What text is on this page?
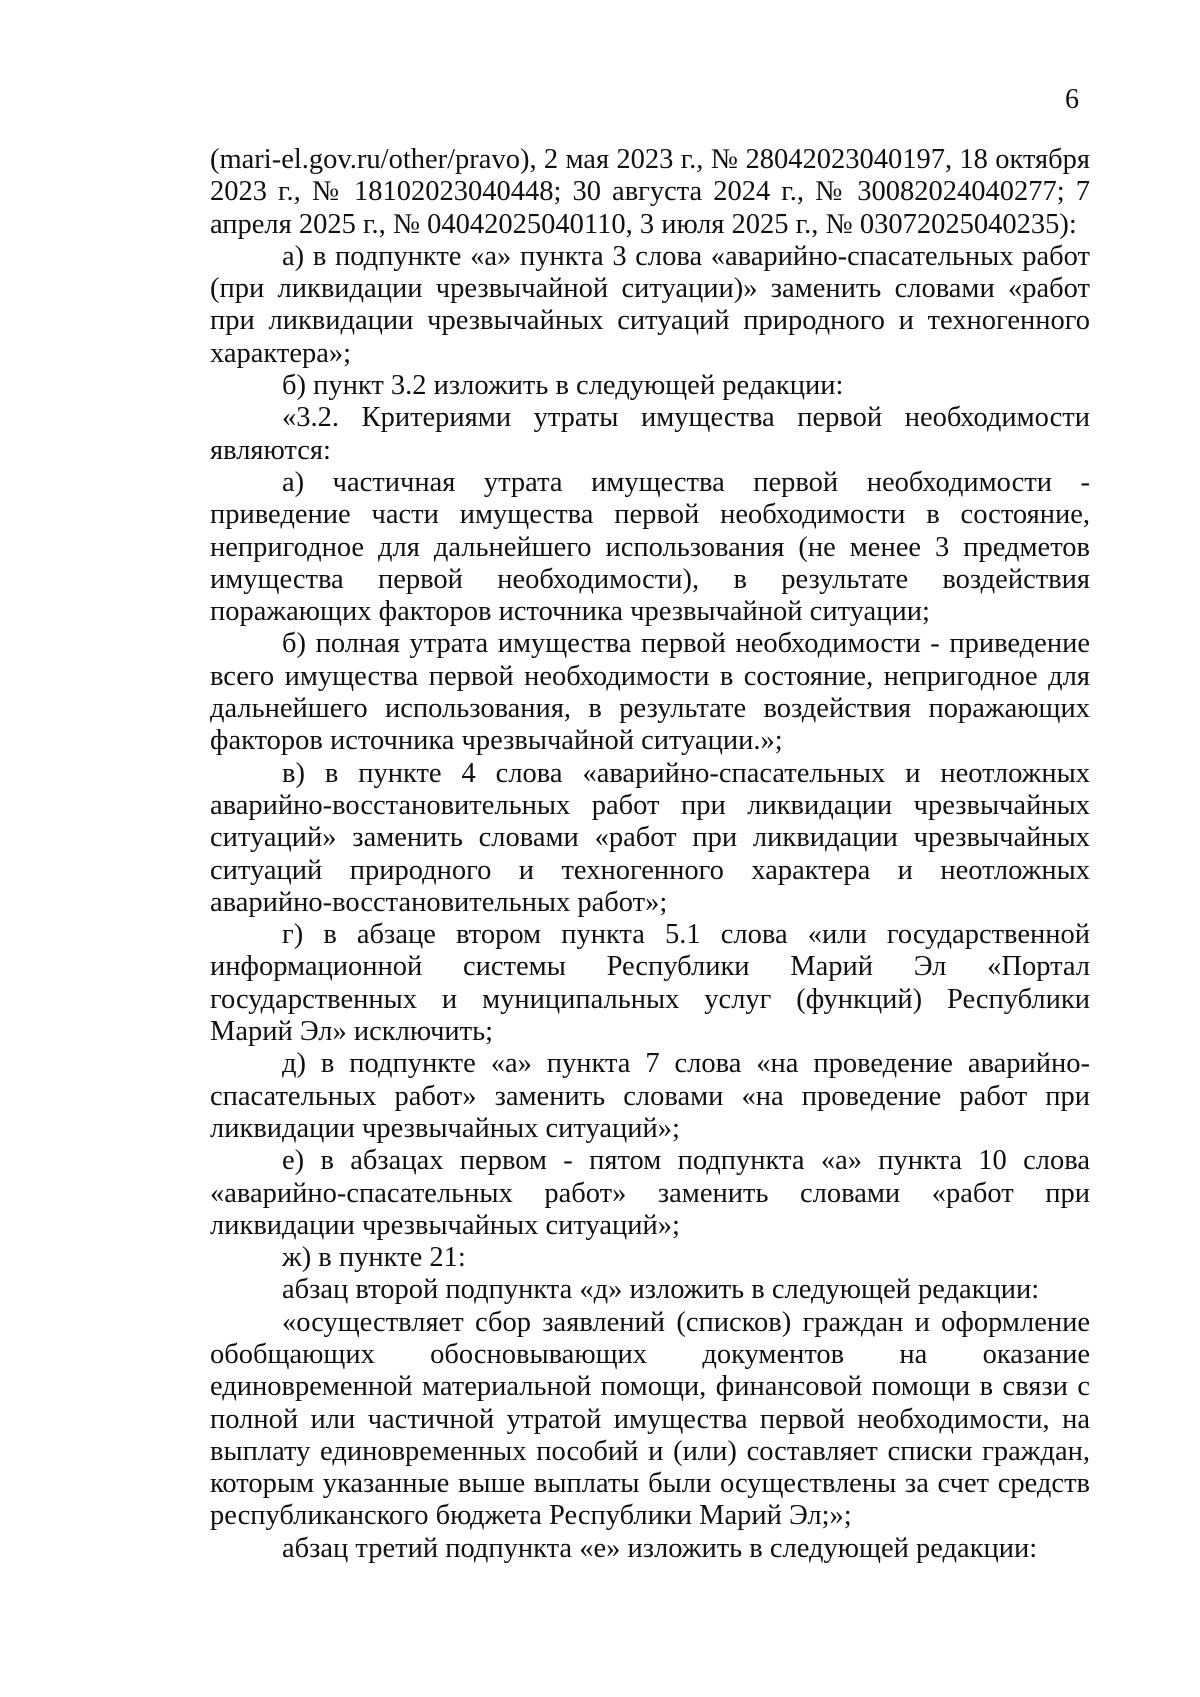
6

(mari-el.gov.ru/other/pravo), 2 мая 2023 г., № 28042023040197, 18 октября 2023 г., № 18102023040448; 30 августа 2024 г., № 30082024040277; 7 апреля 2025 г., № 04042025040110, 3 июля 2025 г., № 03072025040235):

а) в подпункте «а» пункта 3 слова «аварийно-спасательных работ (при ликвидации чрезвычайной ситуации)» заменить словами «работ при ликвидации чрезвычайных ситуаций природного и техногенного характера»;

б) пункт 3.2 изложить в следующей редакции:

«3.2. Критериями утраты имущества первой необходимости являются:

а) частичная утрата имущества первой необходимости - приведение части имущества первой необходимости в состояние, непригодное для дальнейшего использования (не менее 3 предметов имущества первой необходимости), в результате воздействия поражающих факторов источника чрезвычайной ситуации;

б) полная утрата имущества первой необходимости - приведение всего имущества первой необходимости в состояние, непригодное для дальнейшего использования, в результате воздействия поражающих факторов источника чрезвычайной ситуации.»;

в) в пункте 4 слова «аварийно-спасательных и неотложных аварийно-восстановительных работ при ликвидации чрезвычайных ситуаций» заменить словами «работ при ликвидации чрезвычайных ситуаций природного и техногенного характера и неотложных аварийно-восстановительных работ»;

г) в абзаце втором пункта 5.1 слова «или государственной информационной системы Республики Марий Эл «Портал государственных и муниципальных услуг (функций) Республики Марий Эл» исключить;

д) в подпункте «а» пункта 7 слова «на проведение аварийно-спасательных работ» заменить словами «на проведение работ при ликвидации чрезвычайных ситуаций»;

е) в абзацах первом - пятом подпункта «а» пункта 10 слова «аварийно-спасательных работ» заменить словами «работ при ликвидации чрезвычайных ситуаций»;

ж) в пункте 21:

абзац второй подпункта «д» изложить в следующей редакции:

«осуществляет сбор заявлений (списков) граждан и оформление обобщающих обосновывающих документов на оказание единовременной материальной помощи, финансовой помощи в связи с полной или частичной утратой имущества первой необходимости, на выплату единовременных пособий и (или) составляет списки граждан, которым указанные выше выплаты были осуществлены за счет средств республиканского бюджета Республики Марий Эл;»;

абзац третий подпункта «е» изложить в следующей редакции:
